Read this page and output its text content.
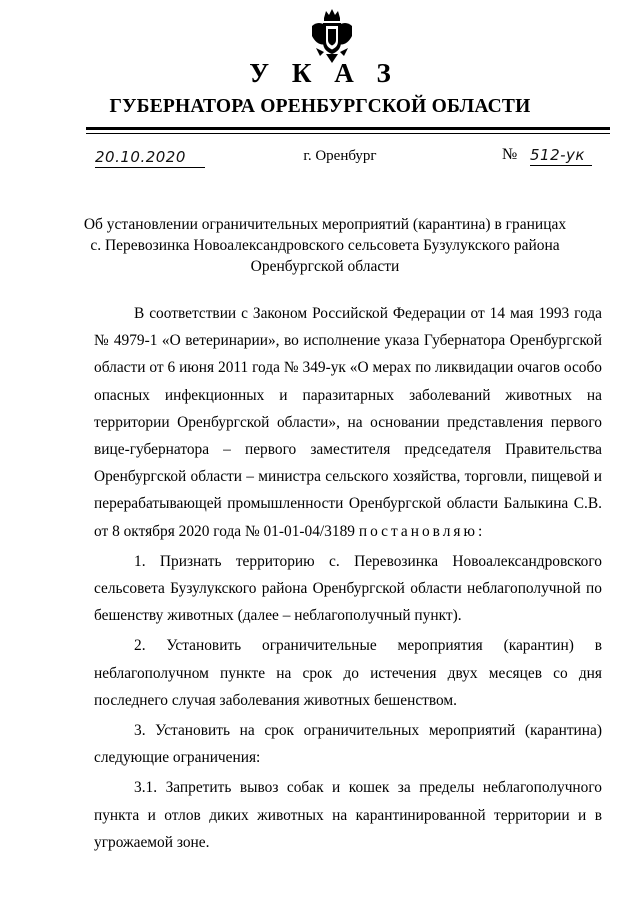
У К А З
ГУБЕРНАТОРА ОРЕНБУРГСКОЙ ОБЛАСТИ
20.10.2020	г. Оренбург	№ 512-ук
Об установлении ограничительных мероприятий (карантина) в границах
с. Перевозинка Новоалександровского сельсовета Бузулукского района
Оренбургской области

В соответствии с Законом Российской Федерации от 14 мая 1993 года № 4979-1 «О ветеринарии», во исполнение указа Губернатора Оренбургской области от 6 июня 2011 года № 349-ук «О мерах по ликвидации очагов особо опасных инфекционных и паразитарных заболеваний животных на территории Оренбургской области», на основании представления первого вице-губернатора – первого заместителя председателя Правительства Оренбургской области – министра сельского хозяйства, торговли, пищевой и перерабатывающей промышленности Оренбургской области Балыкина С.В. от 8 октября 2020 года № 01-01-04/3189 постановляю:

1. Признать территорию с. Перевозинка Новоалександровского сельсовета Бузулукского района Оренбургской области неблагополучной по бешенству животных (далее – неблагополучный пункт).

2. Установить ограничительные мероприятия (карантин) в неблагополучном пункте на срок до истечения двух месяцев со дня последнего случая заболевания животных бешенством.

3. Установить на срок ограничительных мероприятий (карантина) следующие ограничения:

3.1. Запретить вывоз собак и кошек за пределы неблагополучного пункта и отлов диких животных на карантинированной территории и в угрожаемой зоне.
